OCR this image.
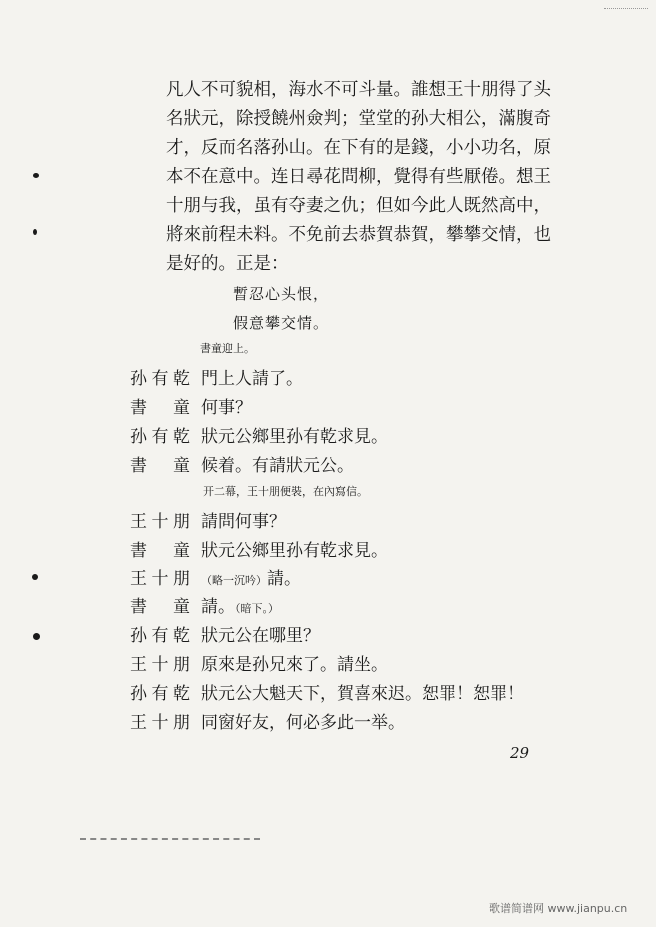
凡人不可貌相，海水不可斗量。誰想王十朋得了头
名狀元，除授饒州僉判；堂堂的孙大相公，滿腹奇
才，反而名落孙山。在下有的是錢，小小功名，原
本不在意中。连日尋花問柳，覺得有些厭倦。想王
十朋与我，虽有夺妻之仇；但如今此人既然高中，
將來前程未料。不免前去恭賀恭賀，攀攀交情，也
是好的。正是：
暫忍心头恨，
假意攀交情。
書童迎上。
孙有乾 門上人請了。
書童 何事？
孙有乾 狀元公鄉里孙有乾求見。
書童 候着。有請狀元公。
开二幕，王十朋便裝，在內寫信。
王十朋 請問何事？
書童 狀元公鄉里孙有乾求見。
王十朋 （略一沉吟）請。
書童 請。（暗下。）
孙有乾 狀元公在哪里？
王十朋 原來是孙兄來了。請坐。
孙有乾 狀元公大魁天下，賀喜來迟。恕罪！恕罪！
王十朋 同窗好友，何必多此一举。
29
歌谱简谱网 www.jianpu.cn
